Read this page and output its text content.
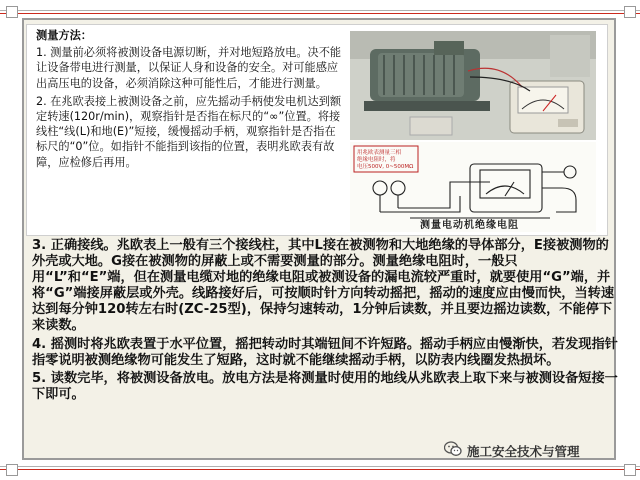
测量方法：

1. 测量前必须将被测设备电源切断，并对地短路放电。决不能让设备带电进行测量，以保证人身和设备的安全。对可能感应出高压电的设备，必须消除这种可能性后，才能进行测量。

2. 在兆欧表接上被测设备之前，应先摇动手柄使发电机达到额定转速(120r/min)，观察指针是否指在标尺的“∞”位置。将接线柱“线(L)和地(E)”短接，缓慢摇动手柄，观察指针是否指在标尺的“0”位。如指针不能指到该指的位置，表明兆欧表有故障，应检修后再用。

用兆欧表测量三相
绝缘电阻时，将
电压500V, 0~500MΩ
测量电动机绝缘电阻

3. 正确接线。兆欧表上一般有三个接线柱，其中L接在被测物和大地绝缘的导体部分，E接被测物的外壳或大地。G接在被测物的屏蔽上或不需要测量的部分。测量绝缘电阻时，一般只用“L”和“E”端，但在测量电缆对地的绝缘电阻或被测设备的漏电流较严重时，就要使用“G”端，并将“G”端接屏蔽层或外壳。线路接好后，可按顺时针方向转动摇把，摇动的速度应由慢而快，当转速达到每分钟120转左右时(ZC-25型)，保持匀速转动，1分钟后读数，并且要边摇边读数，不能停下来读数。

4. 摇测时将兆欧表置于水平位置，摇把转动时其端钮间不许短路。摇动手柄应由慢渐快，若发现指针指零说明被测绝缘物可能发生了短路，这时就不能继续摇动手柄，以防表内线圈发热损坏。

5. 读数完毕，将被测设备放电。放电方法是将测量时使用的地线从兆欧表上取下来与被测设备短接一下即可。

施工安全技术与管理
